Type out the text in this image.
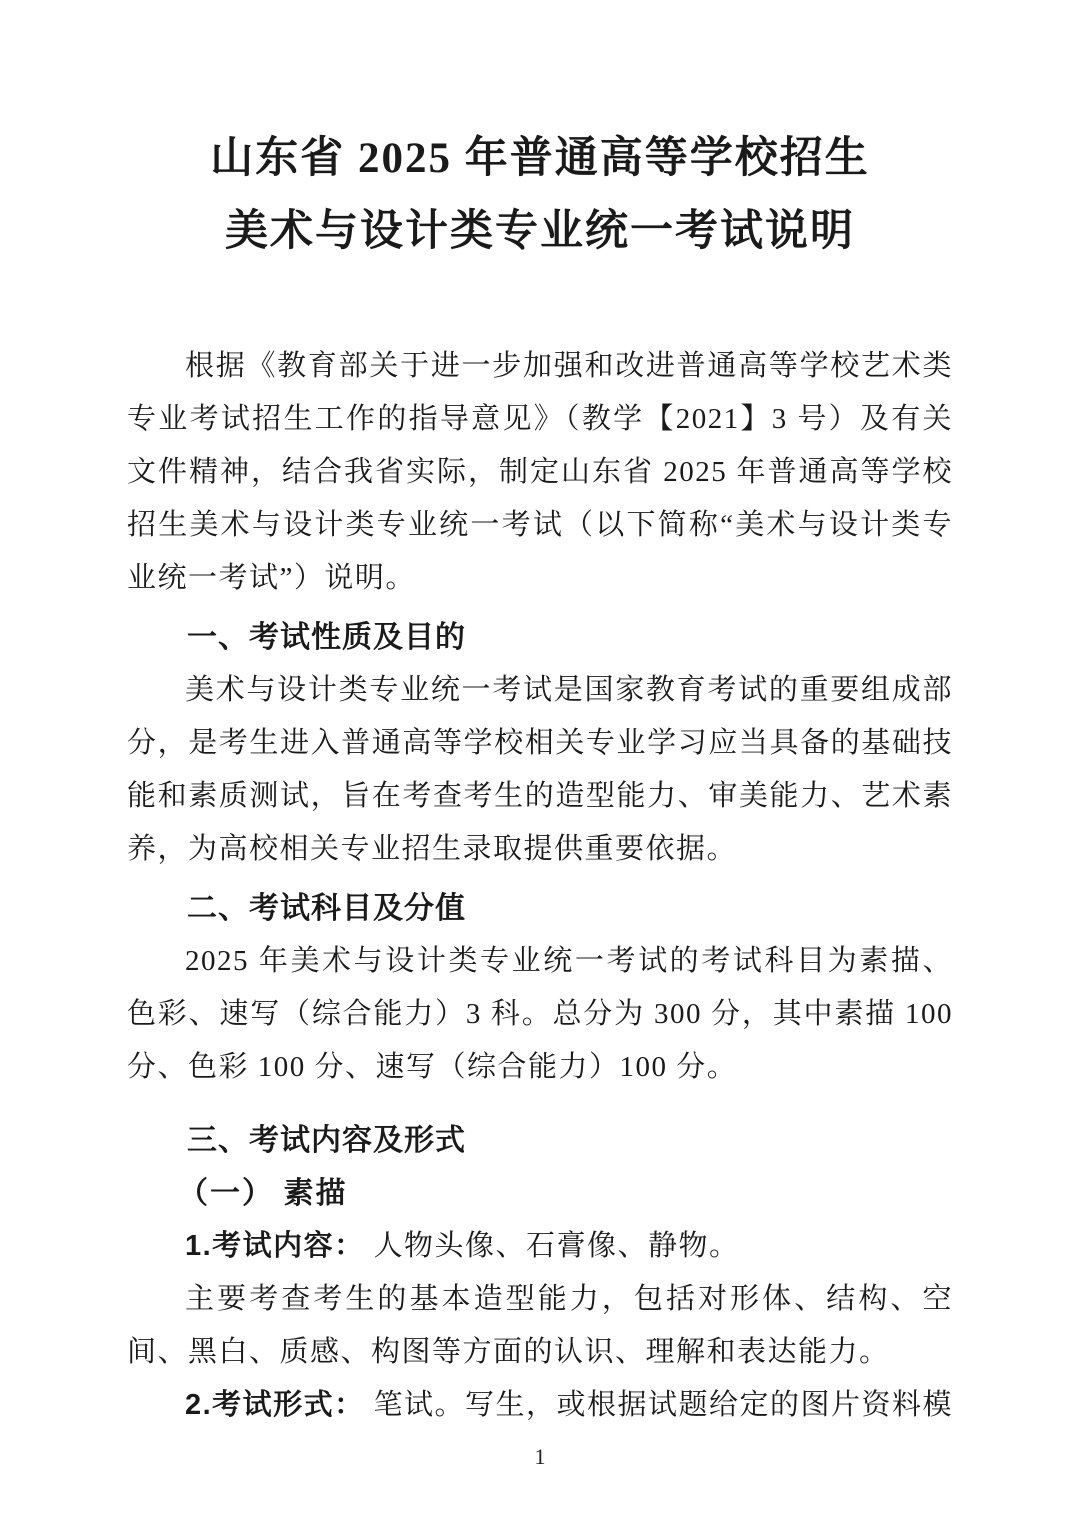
山东省 2025 年普通高等学校招生
美术与设计类专业统一考试说明

根据《教育部关于进一步加强和改进普通高等学校艺术类专业考试招生工作的指导意见》（教学【2021】3 号）及有关文件精神，结合我省实际，制定山东省 2025 年普通高等学校招生美术与设计类专业统一考试（以下简称“美术与设计类专业统一考试”）说明。

一、考试性质及目的

美术与设计类专业统一考试是国家教育考试的重要组成部分，是考生进入普通高等学校相关专业学习应当具备的基础技能和素质测试，旨在考查考生的造型能力、审美能力、艺术素养，为高校相关专业招生录取提供重要依据。

二、考试科目及分值

2025 年美术与设计类专业统一考试的考试科目为素描、色彩、速写（综合能力）3 科。总分为 300 分，其中素描 100 分、色彩 100 分、速写（综合能力）100 分。

三、考试内容及形式
（一） 素描

1.考试内容： 人物头像、石膏像、静物。

主要考查考生的基本造型能力，包括对形体、结构、空间、黑白、质感、构图等方面的认识、理解和表达能力。

2.考试形式： 笔试。写生，或根据试题给定的图片资料模

1
